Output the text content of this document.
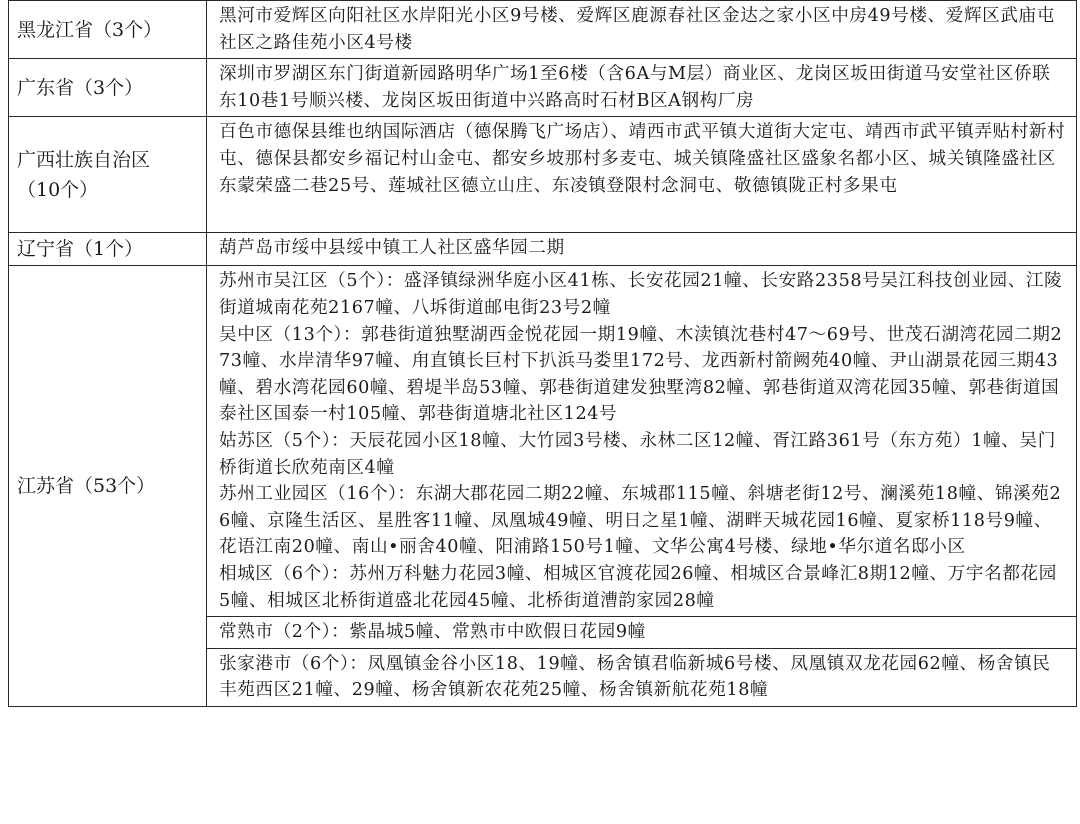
黑龙江省（3个）	黑河市爱辉区向阳社区水岸阳光小区9号楼、爱辉区鹿源春社区金达之家小区中房49号楼、爱辉区武庙屯社区之路佳苑小区4号楼

广东省（3个）	深圳市罗湖区东门街道新园路明华广场1至6楼（含6A与M层）商业区、龙岗区坂田街道马安堂社区侨联东10巷1号顺兴楼、龙岗区坂田街道中兴路高时石材B区A钢构厂房

广西壮族自治区
（10个）	百色市德保县维也纳国际酒店（德保腾飞广场店）、靖西市武平镇大道街大定屯、靖西市武平镇弄贴村新村屯、德保县都安乡福记村山金屯、都安乡坡那村多麦屯、城关镇隆盛社区盛象名都小区、城关镇隆盛社区东蒙荣盛二巷25号、莲城社区德立山庄、东凌镇登限村念洞屯、敬德镇陇正村多果屯

辽宁省（1个）	葫芦岛市绥中县绥中镇工人社区盛华园二期

江苏省（53个）	苏州市吴江区（5个）：盛泽镇绿洲华庭小区41栋、长安花园21幢、长安路2358号吴江科技创业园、江陵街道城南花苑2167幢、八坼街道邮电街23号2幢

吴中区（13个）：郭巷街道独墅湖西金悦花园一期19幢、木渎镇沈巷村47～69号、世茂石湖湾花园二期273幢、水岸清华97幢、甪直镇长巨村下扒浜马娄里172号、龙西新村箭阙苑40幢、尹山湖景花园三期43幢、碧水湾花园60幢、碧堤半岛53幢、郭巷街道建发独墅湾82幢、郭巷街道双湾花园35幢、郭巷街道国泰社区国泰一村105幢、郭巷街道塘北社区124号

姑苏区（5个）：天辰花园小区18幢、大竹园3号楼、永林二区12幢、胥江路361号（东方苑）1幢、吴门桥街道长欣苑南区4幢

苏州工业园区（16个）：东湖大郡花园二期22幢、东城郡115幢、斜塘老街12号、澜溪苑18幢、锦溪苑26幢、京隆生活区、星胜客11幢、凤凰城49幢、明日之星1幢、湖畔天城花园16幢、夏家桥118号9幢、花语江南20幢、南山•丽舍40幢、阳浦路150号1幢、文华公寓4号楼、绿地•华尔道名邸小区

相城区（6个）：苏州万科魅力花园3幢、相城区官渡花园26幢、相城区合景峰汇8期12幢、万宇名都花园5幢、相城区北桥街道盛北花园45幢、北桥街道漕韵家园28幢

	常熟市（2个）：紫晶城5幢、常熟市中欧假日花园9幢

	张家港市（6个）：凤凰镇金谷小区18、19幢、杨舍镇君临新城6号楼、凤凰镇双龙花园62幢、杨舍镇民丰苑西区21幢、29幢、杨舍镇新农花苑25幢、杨舍镇新航花苑18幢
